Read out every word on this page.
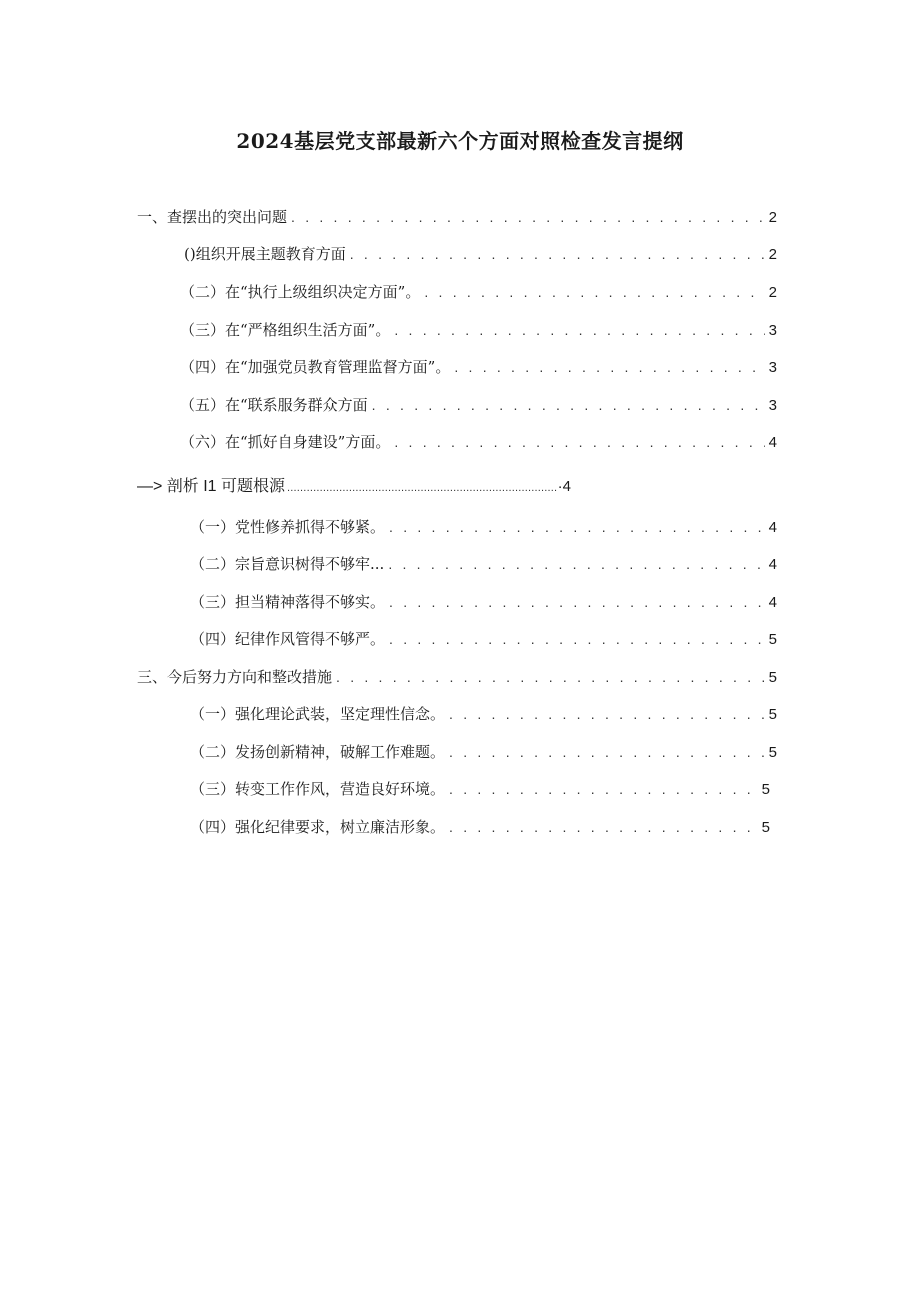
2024基层党支部最新六个方面对照检查发言提纲
一、查摆出的突出问题 . . .	2
()组织开展主题教育方面 . . .	2
（二）在“执行上级组织决定方面”。 . . .	2
（三）在“严格组织生活方面”。 . . .	3
（四）在“加强党员教育管理监督方面”。 . . .	3
（五）在“联系服务群众方面 . . .	3
（六）在“抓好自身建设”方面。 . . .	4
—> 剖析 I1 可题根源 .....	·4
（一）党性修养抓得不够紧。 . . .	4
（二）宗旨意识树得不够牢... . . .	4
（三）担当精神落得不够实。 . . .	4
（四）纪律作风管得不够严。 . . .	5
三、今后努力方向和整改措施 . . .	5
（一）强化理论武装，坚定理性信念。 . . .	5
（二）发扬创新精神，破解工作难题。 . . .	5
（三）转变工作作风，营造良好环境。 . . .	5
（四）强化纪律要求，树立廉洁形象。 . . .	5
